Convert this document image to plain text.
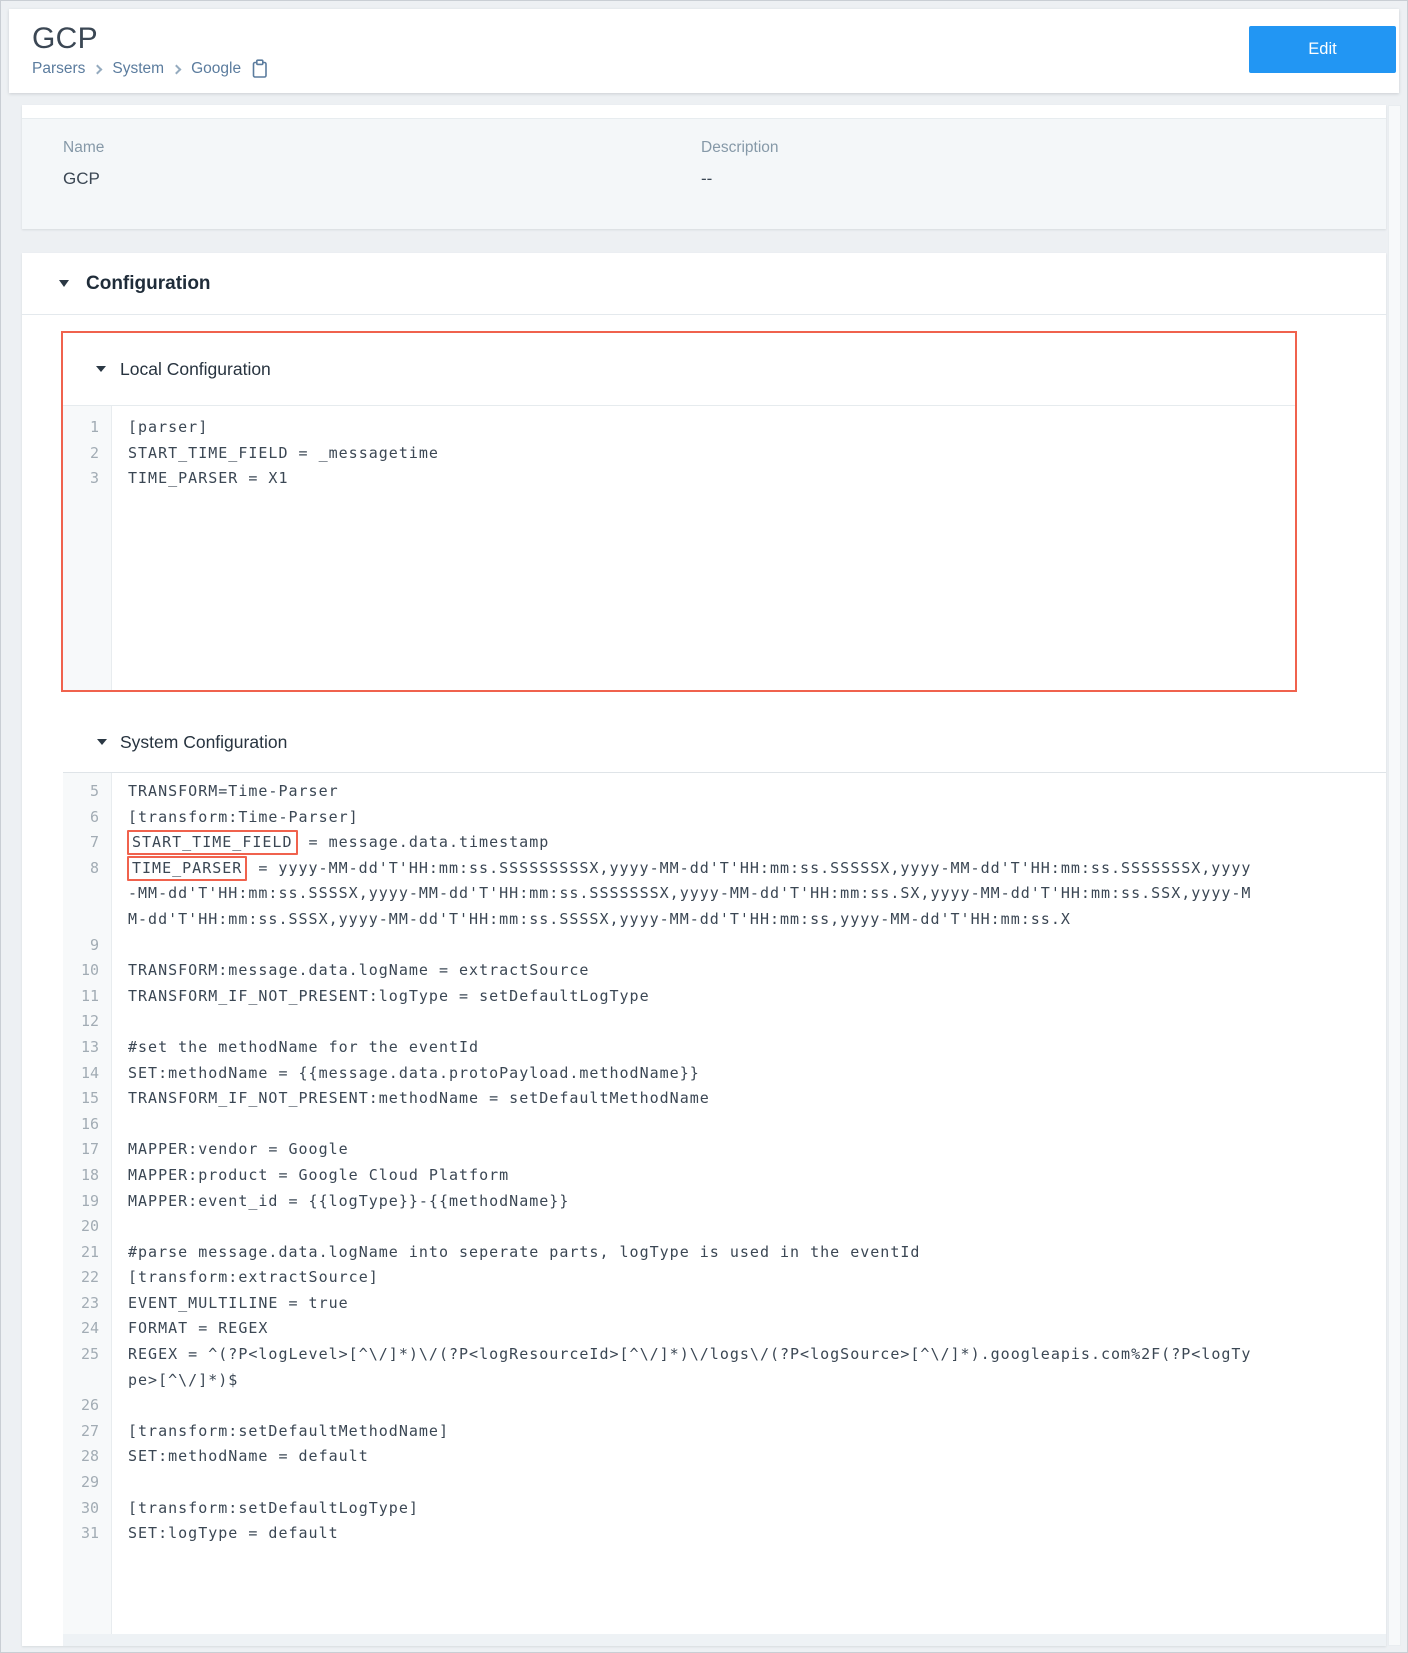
GCP
Parsers System Google
Edit
Name
GCP
Description
--
Configuration
Local Configuration
1	[parser]
2	START_TIME_FIELD = _messagetime
3	TIME_PARSER = X1
System Configuration
5	TRANSFORM=Time-Parser
6	[transform:Time-Parser]
7	START_TIME_FIELD = message.data.timestamp
8	TIME_PARSER = yyyy-MM-dd'T'HH:mm:ss.SSSSSSSSSX,yyyy-MM-dd'T'HH:mm:ss.SSSSSX,yyyy-MM-dd'T'HH:mm:ss.SSSSSSSX,yyyy-MM-dd'T'HH:mm:ss.SSSSX,yyyy-MM-dd'T'HH:mm:ss.SSSSSSSX,yyyy-MM-dd'T'HH:mm:ss.SX,yyyy-MM-dd'T'HH:mm:ss.SSX,yyyy-MM-dd'T'HH:mm:ss.SSSX,yyyy-MM-dd'T'HH:mm:ss.SSSSX,yyyy-MM-dd'T'HH:mm:ss,yyyy-MM-dd'T'HH:mm:ss.X
9

10	TRANSFORM:message.data.logName = extractSource
11	TRANSFORM_IF_NOT_PRESENT:logType = setDefaultLogType
12

13	#set the methodName for the eventId
14	SET:methodName = {{message.data.protoPayload.methodName}}
15	TRANSFORM_IF_NOT_PRESENT:methodName = setDefaultMethodName
16

17	MAPPER:vendor = Google
18	MAPPER:product = Google Cloud Platform
19	MAPPER:event_id = {{logType}}-{{methodName}}
20

21	#parse message.data.logName into seperate parts, logType is used in the eventId
22	[transform:extractSource]
23	EVENT_MULTILINE = true
24	FORMAT = REGEX
25	REGEX = ^(?P<logLevel>[^\/]*)\/(?P<logResourceId>[^\/]*)\/logs\/(?P<logSource>[^\/]*).googleapis.com%2F(?P<logType>[^\/]*)$
26

27	[transform:setDefaultMethodName]
28	SET:methodName = default
29

30	[transform:setDefaultLogType]
31	SET:logType = default
